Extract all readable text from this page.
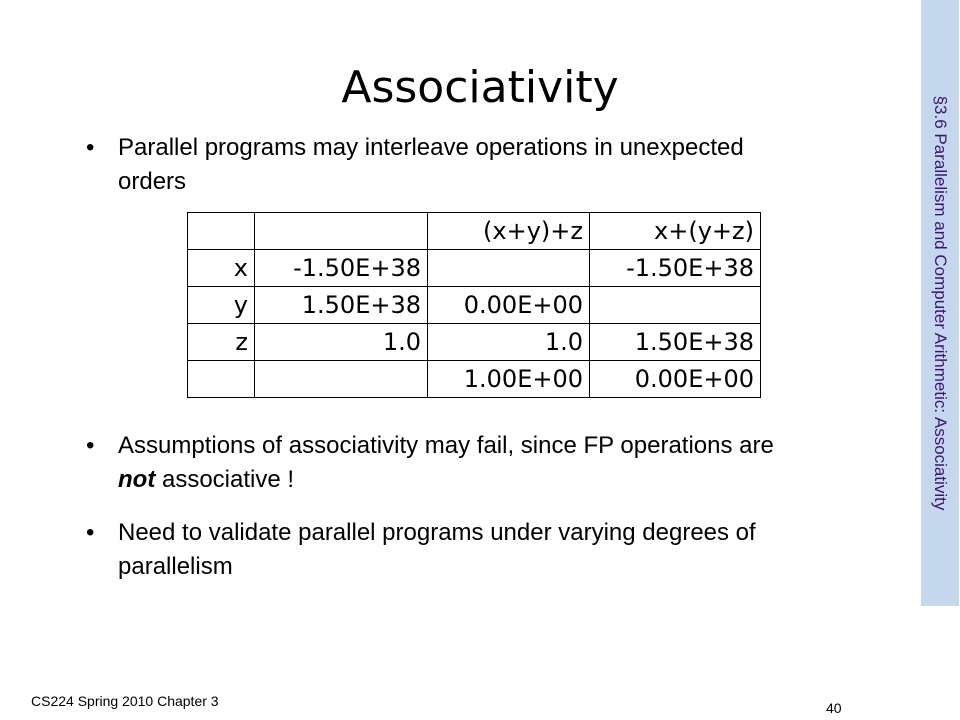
Associativity
• Parallel programs may interleave operations in unexpected orders
		(x+y)+z	x+(y+z)
x	-1.50E+38		-1.50E+38
y	1.50E+38	0.00E+00	
z	1.0	1.0	1.50E+38
		1.00E+00	0.00E+00
• Assumptions of associativity may fail, since FP operations are not associative !
• Need to validate parallel programs under varying degrees of parallelism
§3.6 Parallelism and Computer Arithmetic: Associativity
CS224 Spring 2010 Chapter 3	40
